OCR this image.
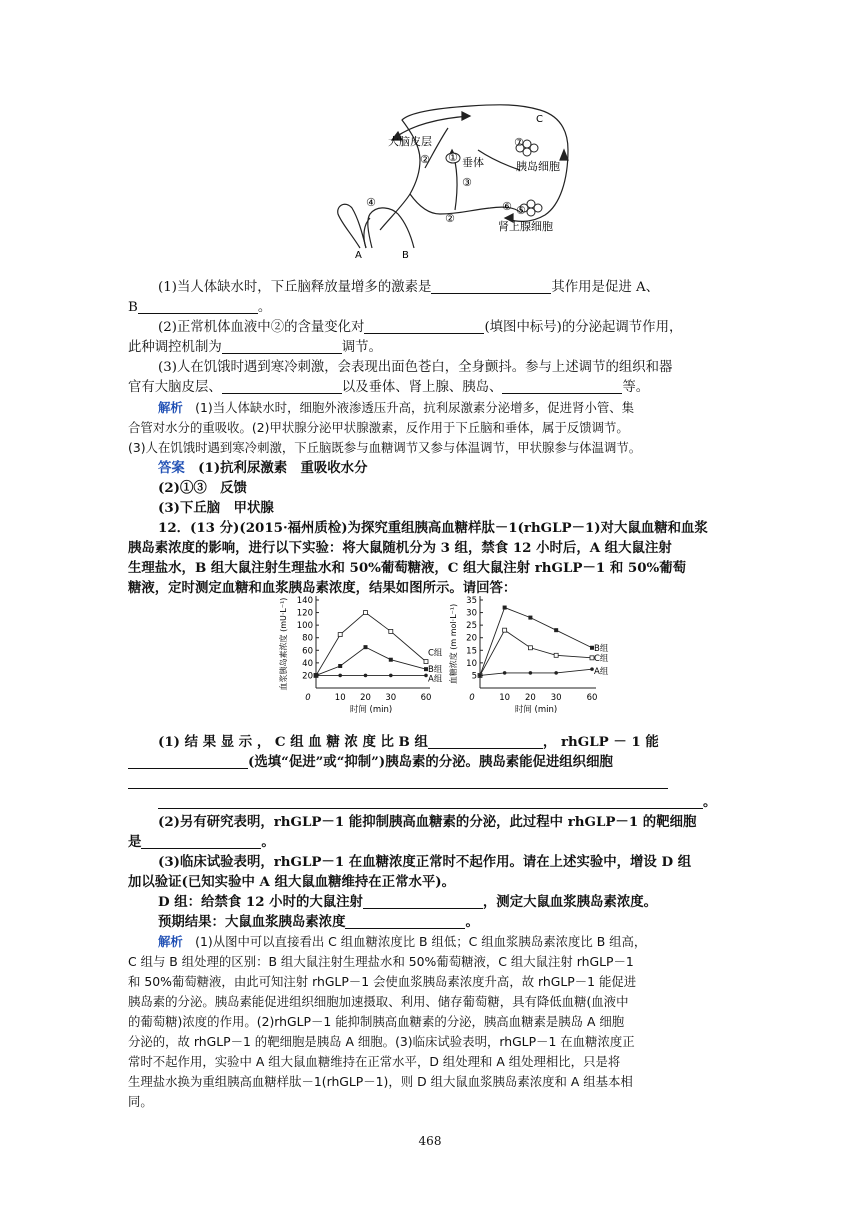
大脑皮层
垂体	胰岛细胞
肾上腺细胞
A	B
C
①
②
②
③
④
⑤
⑥
⑦

(1)当人体缺水时，下丘脑释放量增多的激素是	其作用是促进 A、

B	。

(2)正常机体血液中②的含量变化对	(填图中标号)的分泌起调节作用，

此种调控机制为	调节。

(3)人在饥饿时遇到寒冷刺激，会表现出面色苍白，全身颤抖。参与上述调节的组织和器

官有大脑皮层、	以及垂体、肾上腺、胰岛、	等。

解析　 (1)当人体缺水时，细胞外液渗透压升高，抗利尿激素分泌增多，促进肾小管、集

合管对水分的重吸收。(2)甲状腺分泌甲状腺激素，反作用于下丘脑和垂体，属于反馈调节。

(3)人在饥饿时遇到寒冷刺激，下丘脑既参与血糖调节又参与体温调节，甲状腺参与体温调节。

答案　 (1)抗利尿激素　重吸收水分

(2)①③　反馈

(3)下丘脑　甲状腺

12．(13 分)(2015·福州质检)为探究重组胰高血糖样肽－1(rhGLP－1)对大鼠血糖和血浆

胰岛素浓度的影响，进行以下实验：将大鼠随机分为 3 组，禁食 12 小时后，A 组大鼠注射

生理盐水，B 组大鼠注射生理盐水和 50%葡萄糖液，C 组大鼠注射 rhGLP－1 和 50%葡萄

糖液，定时测定血糖和血浆胰岛素浓度，结果如图所示。请回答：

20
40
60
80
100
120
140
0	10 20 30	60
时间 (min)
血浆胰岛素浓度 (mU·L⁻¹)	C组
B组
A组	5
10
15
20
25
30
35
0	10 20 30	60
时间 (min)
血糖浓度 (m mol·L⁻¹)	B组
C组
A组

(1) 结 果 显 示 ， C 组 血 糖 浓 度 比 B 组	， rhGLP － 1 能

(选填“促进”或“抑制”)胰岛素的分泌。胰岛素能促进组织细胞

。

(2)另有研究表明，rhGLP－1 能抑制胰高血糖素的分泌，此过程中 rhGLP－1 的靶细胞

是	。

(3)临床试验表明，rhGLP－1 在血糖浓度正常时不起作用。请在上述实验中，增设 D 组

加以验证(已知实验中 A 组大鼠血糖维持在正常水平)。

D 组：给禁食 12 小时的大鼠注射	，测定大鼠血浆胰岛素浓度。

预期结果：大鼠血浆胰岛素浓度	。

解析　 (1)从图中可以直接看出 C 组血糖浓度比 B 组低；C 组血浆胰岛素浓度比 B 组高，

C 组与 B 组处理的区别：B 组大鼠注射生理盐水和 50%葡萄糖液，C 组大鼠注射 rhGLP－1

和 50%葡萄糖液，由此可知注射 rhGLP－1 会使血浆胰岛素浓度升高，故 rhGLP－1 能促进

胰岛素的分泌。胰岛素能促进组织细胞加速摄取、利用、储存葡萄糖，具有降低血糖(血液中

的葡萄糖)浓度的作用。(2)rhGLP－1 能抑制胰高血糖素的分泌，胰高血糖素是胰岛 A 细胞

分泌的，故 rhGLP－1 的靶细胞是胰岛 A 细胞。(3)临床试验表明，rhGLP－1 在血糖浓度正

常时不起作用，实验中 A 组大鼠血糖维持在正常水平，D 组处理和 A 组处理相比，只是将

生理盐水换为重组胰高血糖样肽－1(rhGLP－1)，则 D 组大鼠血浆胰岛素浓度和 A 组基本相

同。

468
